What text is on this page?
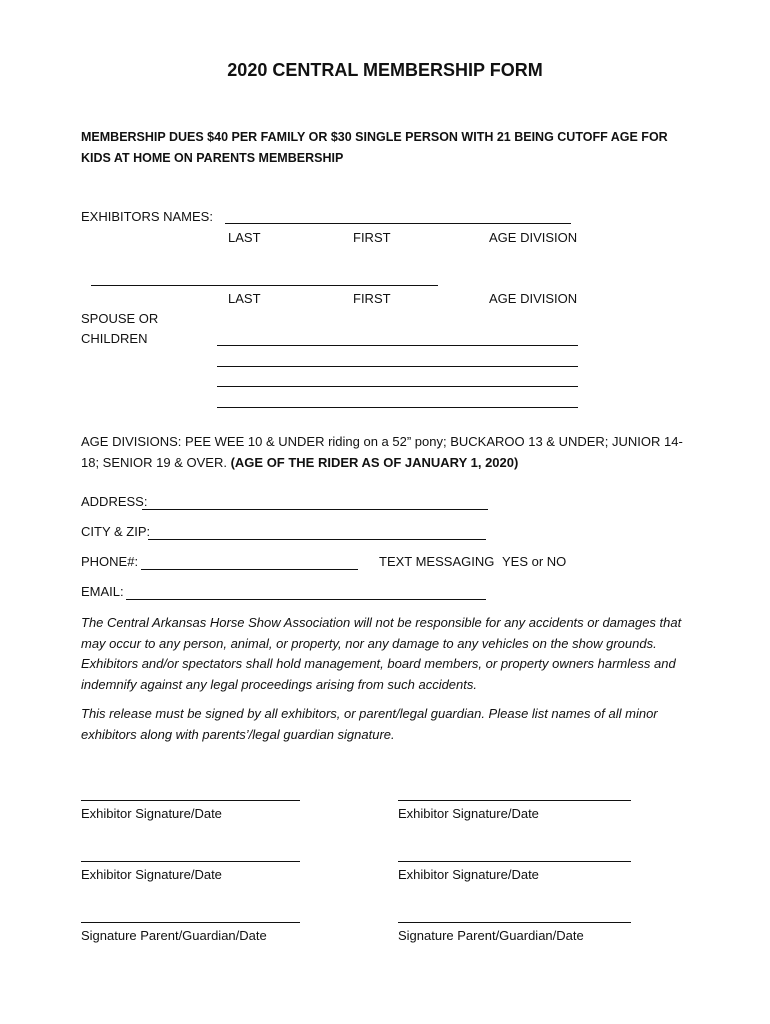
2020 CENTRAL MEMBERSHIP FORM
MEMBERSHIP DUES $40 PER FAMILY OR $30 SINGLE PERSON WITH 21 BEING CUTOFF AGE FOR
KIDS AT HOME ON PARENTS MEMBERSHIP
EXHIBITORS NAMES:
LAST	FIRST	AGE DIVISION
LAST	FIRST	AGE DIVISION
SPOUSE OR
CHILDREN
AGE DIVISIONS: PEE WEE 10 & UNDER riding on a 52” pony; BUCKAROO 13 & UNDER; JUNIOR 14-18; SENIOR 19 & OVER. (AGE OF THE RIDER AS OF JANUARY 1, 2020)
ADDRESS:
CITY & ZIP:
PHONE#:	TEXT MESSAGING YES or NO
EMAIL:
The Central Arkansas Horse Show Association will not be responsible for any accidents or damages that may occur to any person, animal, or property, nor any damage to any vehicles on the show grounds. Exhibitors and/or spectators shall hold management, board members, or property owners harmless and indemnify against any legal proceedings arising from such accidents.
This release must be signed by all exhibitors, or parent/legal guardian. Please list names of all minor exhibitors along with parents’/legal guardian signature.
Exhibitor Signature/Date	Exhibitor Signature/Date
Exhibitor Signature/Date	Exhibitor Signature/Date
Signature Parent/Guardian/Date	Signature Parent/Guardian/Date
